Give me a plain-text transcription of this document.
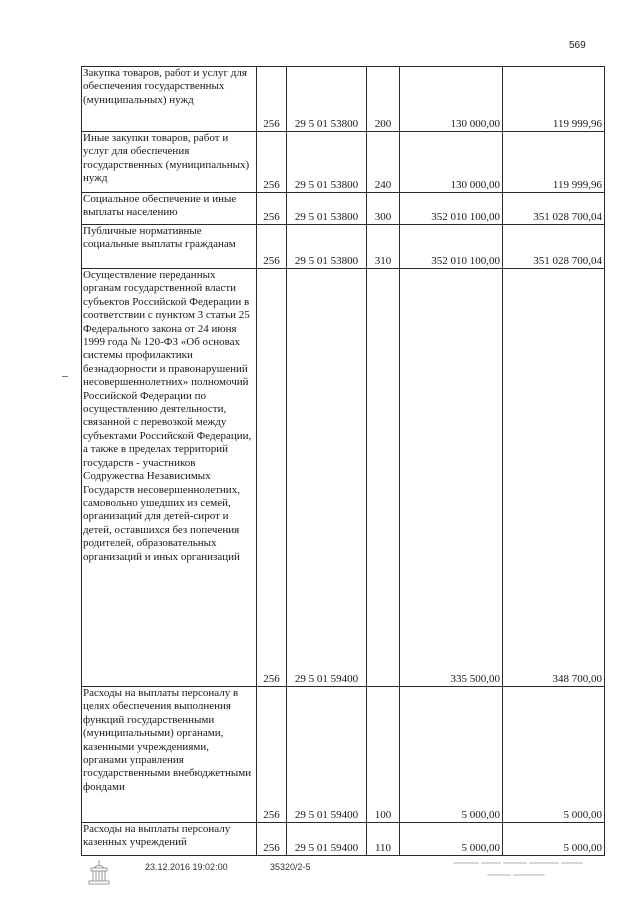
569
Закупка товаров, работ и услуг для обеспечения государственных (муниципальных) нужд	256	29 5 01 53800	200	130 000,00	119 999,96
Иные закупки товаров, работ и услуг для обеспечения государственных (муниципальных) нужд	256	29 5 01 53800	240	130 000,00	119 999,96
Социальное обеспечение и иные выплаты населению	256	29 5 01 53800	300	352 010 100,00	351 028 700,04
Публичные нормативные социальные выплаты гражданам	256	29 5 01 53800	310	352 010 100,00	351 028 700,04
Осуществление переданных органам государственной власти субъектов Российской Федерации в соответствии с пунктом 3 статьи 25 Федерального закона от 24 июня 1999 года № 120-ФЗ «Об основах системы профилактики безнадзорности и правонарушений несовершеннолетних» полномочий Российской Федерации по осуществлению деятельности, связанной с перевозкой между субъектами Российской Федерации, а также в пределах территорий государств - участников Содружества Независимых Государств несовершеннолетних, самовольно ушедших из семей, организаций для детей-сирот и детей, оставшихся без попечения родителей, образовательных организаций и иных организаций	256	29 5 01 59400		335 500,00	348 700,00
Расходы на выплаты персоналу в целях обеспечения выполнения функций государственными (муниципальными) органами, казенными учреждениями, органами управления государственными внебюджетными фондами	256	29 5 01 59400	100	5 000,00	5 000,00
Расходы на выплаты персоналу казенных учреждений	256	29 5 01 59400	110	5 000,00	5 000,00
23.12.2016 19:02:00	35320/2-5
